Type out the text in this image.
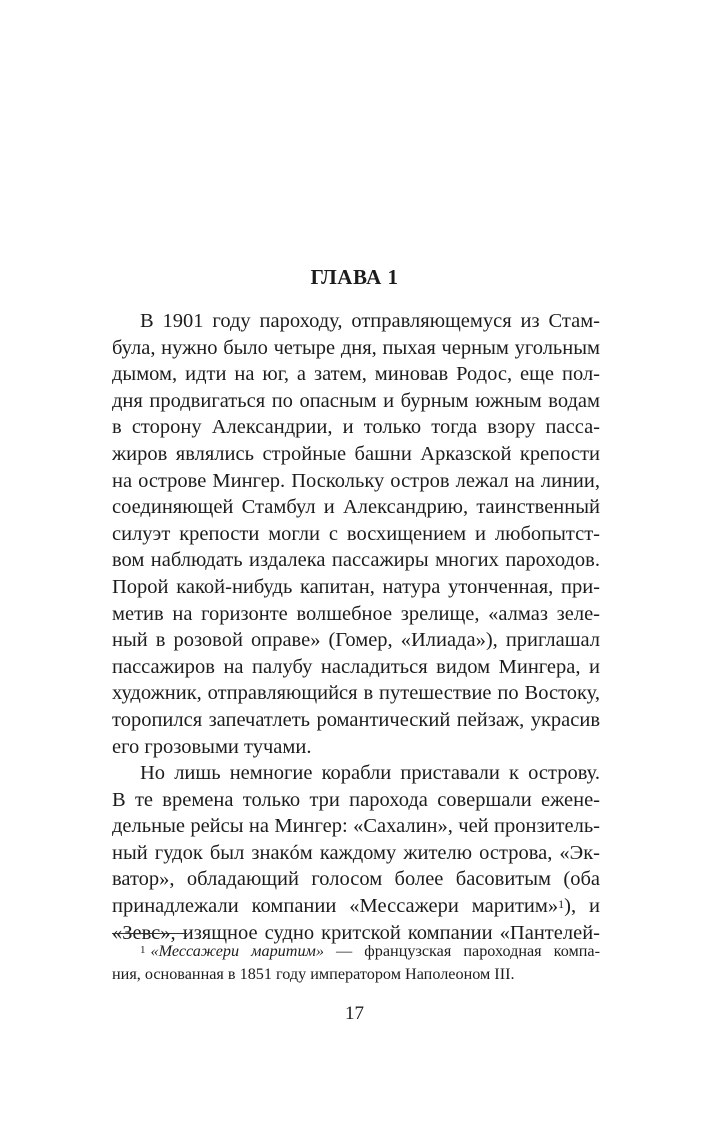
ГЛАВА 1

В 1901 году пароходу, отправляющемуся из Стам-

була, нужно было четыре дня, пыхая черным угольным

дымом, идти на юг, а затем, миновав Родос, еще пол-

дня продвигаться по опасным и бурным южным водам

в сторону Александрии, и только тогда взору пасса-

жиров являлись стройные башни Арказской крепости

на острове Мингер. Поскольку остров лежал на линии,

соединяющей Стамбул и Александрию, таинственный

силуэт крепости могли с восхищением и любопытст-

вом наблюдать издалека пассажиры многих пароходов.

Порой какой-нибудь капитан, натура утонченная, при-

метив на горизонте волшебное зрелище, «алмаз зеле-

ный в розовой оправе» (Гомер, «Илиада»), приглашал

пассажиров на палубу насладиться видом Мингера, и

художник, отправляющийся в путешествие по Востоку,

торопился запечатлеть романтический пейзаж, украсив

его грозовыми тучами.

Но лишь немногие корабли приставали к острову.

В те времена только три парохода совершали еженe-

дельные рейсы на Мингер: «Сахалин», чей пронзитель-

ный гудок был знакóм каждому жителю острова, «Эк-

ватор», обладающий голосом более басовитым (оба

принадлежали компании «Мессажери маритим»$^1$), и

«Зевс», изящное судно критской компании «Пантелей-

$^1$ «Мессажери маритим» — французская пароходная компа-

ния, основанная в 1851 году императором Наполеоном III.

17
